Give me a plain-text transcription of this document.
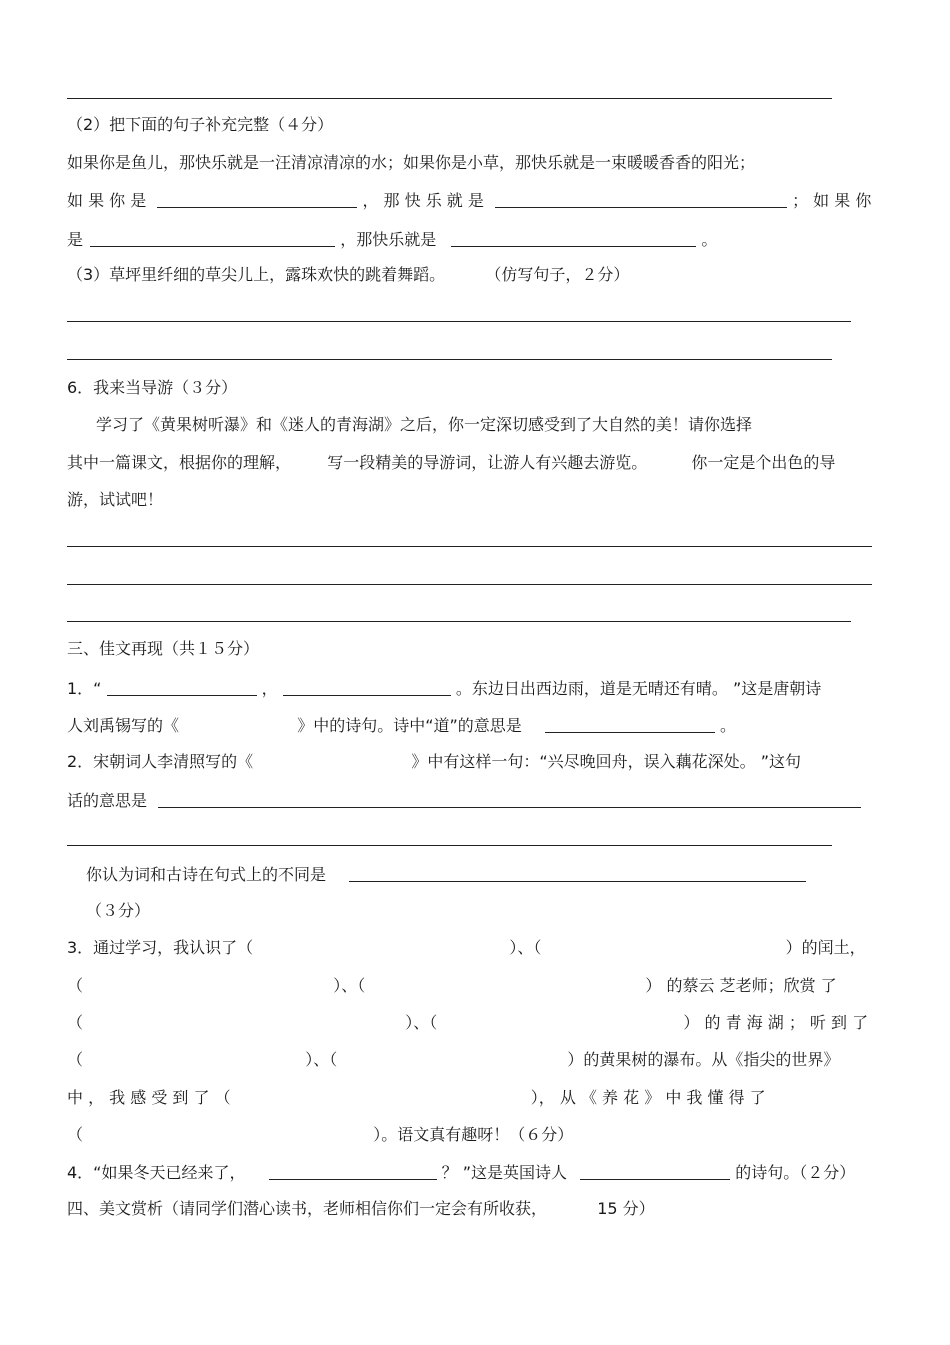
（2）把下面的句子补充完整（４分）
如果你是鱼儿，那快乐就是一汪清凉清凉的水；如果你是小草，那快乐就是一束暖暖香香的阳光；
如 果 你 是	， 那 快 乐 就 是	； 如 果 你
是	，那快乐就是	。
（3）草坪里纤细的草尖儿上，露珠欢快的跳着舞蹈。	（仿写句子，２分）
6．我来当导游（３分）
学习了《黄果树听瀑》和《迷人的青海湖》之后，你一定深切感受到了大自然的美！请你选择
其中一篇课文，根据你的理解， 写一段精美的导游词，让游人有兴趣去游览。	你一定是个出色的导
游，试试吧！
三、佳文再现（共１５分）
1．“	，	。东边日出西边雨，道是无晴还有晴。 ”这是唐朝诗
人刘禹锡写的《	》中的诗句。诗中“道”的意思是	。
2．宋朝词人李清照写的《	》中有这样一句：“兴尽晚回舟，误入藕花深处。 ”这句
话的意思是
你认为词和古诗在句式上的不同是
（３分）
3．通过学习，我认识了（	）、（	）的闰土，
（	）、（	） 的蔡云 芝老师；欣赏 了
（	）、（	） 的 青 海 湖 ； 听 到 了
（	）、（	）的黄果树的瀑布。从《指尖的世界》
中 ， 我 感 受 到 了 （	）， 从 《 养 花 》 中 我 懂 得 了
（	）。语文真有趣呀！（６分）
4．“如果冬天已经来了，	？ ”这是英国诗人	的诗句。（２分）
四、美文赏析（请同学们潜心读书，老师相信你们一定会有所收获，	15 分）
